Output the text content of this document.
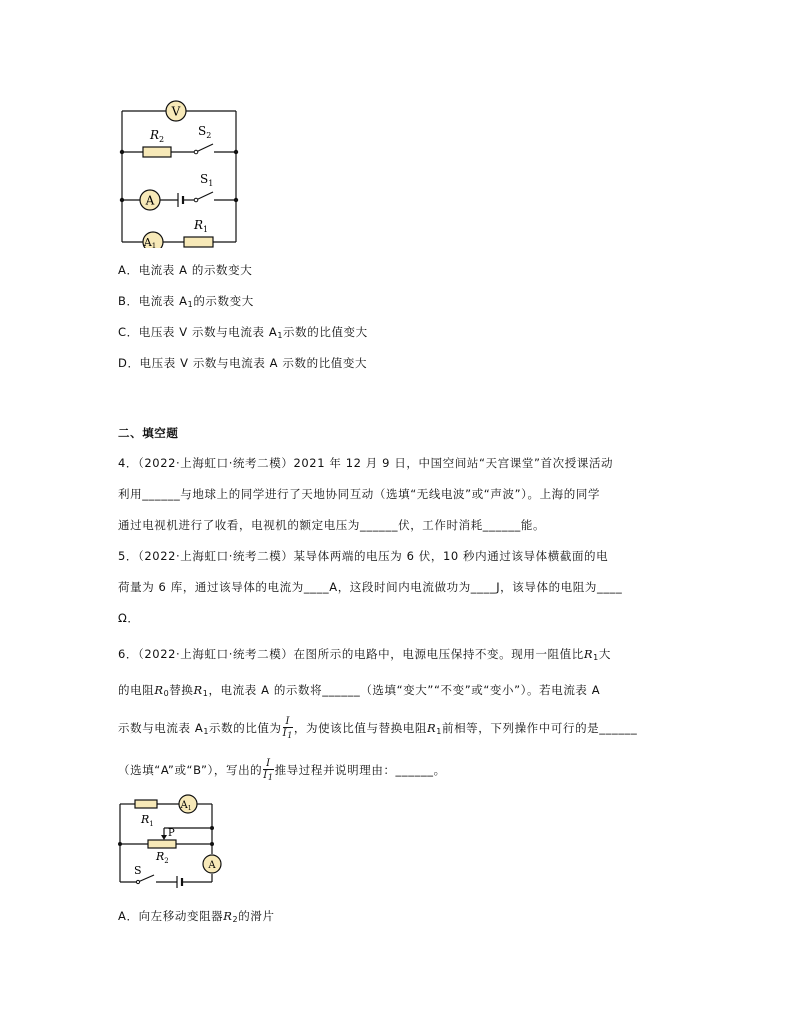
V
$R_2$
$S_2$
A
$S_1$
A1
$R_1$
A．电流表 A 的示数变大
B．电流表 $A_1$的示数变大
C．电压表 V 示数与电流表 $A_1$示数的比值变大
D．电压表 V 示数与电流表 A 示数的比值变大
二、填空题
4．（2022·上海虹口·统考二模）2021 年 12 月 9 日，中国空间站“天宫课堂”首次授课活动
利用______与地球上的同学进行了天地协同互动（选填“无线电波”或“声波”）。上海的同学
通过电视机进行了收看，电视机的额定电压为______伏，工作时消耗______能。
5．（2022·上海虹口·统考二模）某导体两端的电压为 6 伏，10 秒内通过该导体横截面的电
荷量为 6 库，通过该导体的电流为____A，这段时间内电流做功为____J，该导体的电阻为____
Ω．
6．（2022·上海虹口·统考二模）在图所示的电路中，电源电压保持不变。现用一阻值比$R_1$大
的电阻$R_0$替换$R_1$，电流表 A 的示数将______（选填“变大”“不变”或“变小”）。若电流表 A
示数与电流表 $A_1$示数的比值为 $\frac{I}{I_1}$ ，为使该比值与替换电阻$R_1$前相等，下列操作中可行的是______
（选填“A”或“B”），写出的 $\frac{I}{I_1}$ 推导过程并说明理由：______。
$R_1$
$A_1$
P
$R_2$	A
S
A．向左移动变阻器$R_2$的滑片
